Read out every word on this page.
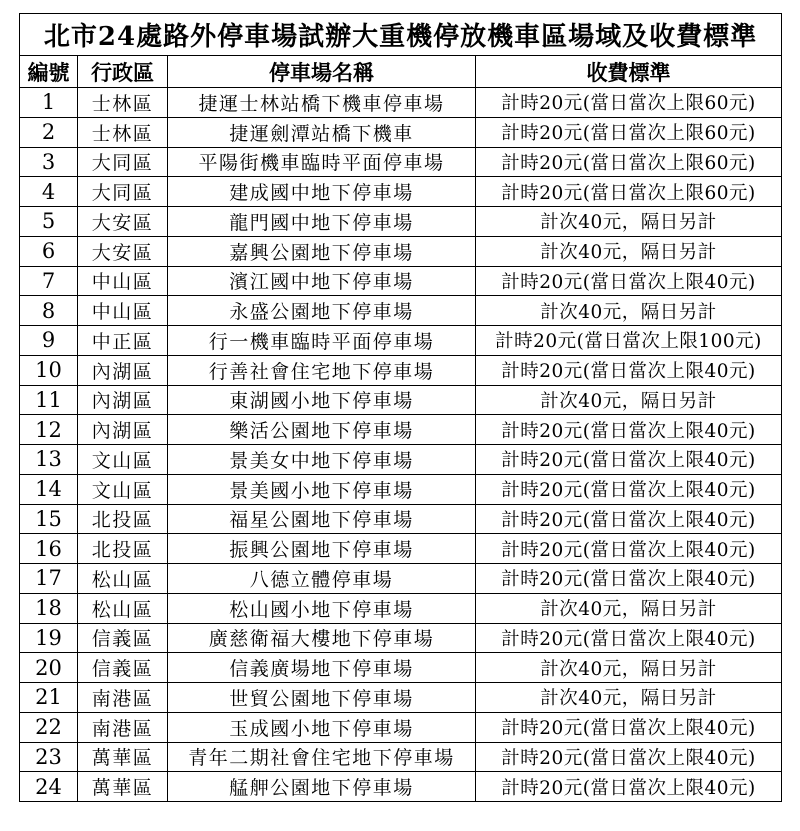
北市24處路外停車場試辦大重機停放機車區場域及收費標準			
編號	行政區	停車場名稱	收費標準
1	士林區	捷運士林站橋下機車停車場	計時20元(當日當次上限60元)
2	士林區	捷運劍潭站橋下機車	計時20元(當日當次上限60元)
3	大同區	平陽街機車臨時平面停車場	計時20元(當日當次上限60元)
4	大同區	建成國中地下停車場	計時20元(當日當次上限60元)
5	大安區	龍門國中地下停車場	計次40元，隔日另計
6	大安區	嘉興公園地下停車場	計次40元，隔日另計
7	中山區	濱江國中地下停車場	計時20元(當日當次上限40元)
8	中山區	永盛公園地下停車場	計次40元，隔日另計
9	中正區	行一機車臨時平面停車場	計時20元(當日當次上限100元)
10	內湖區	行善社會住宅地下停車場	計時20元(當日當次上限40元)
11	內湖區	東湖國小地下停車場	計次40元，隔日另計
12	內湖區	樂活公園地下停車場	計時20元(當日當次上限40元)
13	文山區	景美女中地下停車場	計時20元(當日當次上限40元)
14	文山區	景美國小地下停車場	計時20元(當日當次上限40元)
15	北投區	福星公園地下停車場	計時20元(當日當次上限40元)
16	北投區	振興公園地下停車場	計時20元(當日當次上限40元)
17	松山區	八德立體停車場	計時20元(當日當次上限40元)
18	松山區	松山國小地下停車場	計次40元，隔日另計
19	信義區	廣慈衛福大樓地下停車場	計時20元(當日當次上限40元)
20	信義區	信義廣場地下停車場	計次40元，隔日另計
21	南港區	世貿公園地下停車場	計次40元，隔日另計
22	南港區	玉成國小地下停車場	計時20元(當日當次上限40元)
23	萬華區	青年二期社會住宅地下停車場	計時20元(當日當次上限40元)
24	萬華區	艋舺公園地下停車場	計時20元(當日當次上限40元)
